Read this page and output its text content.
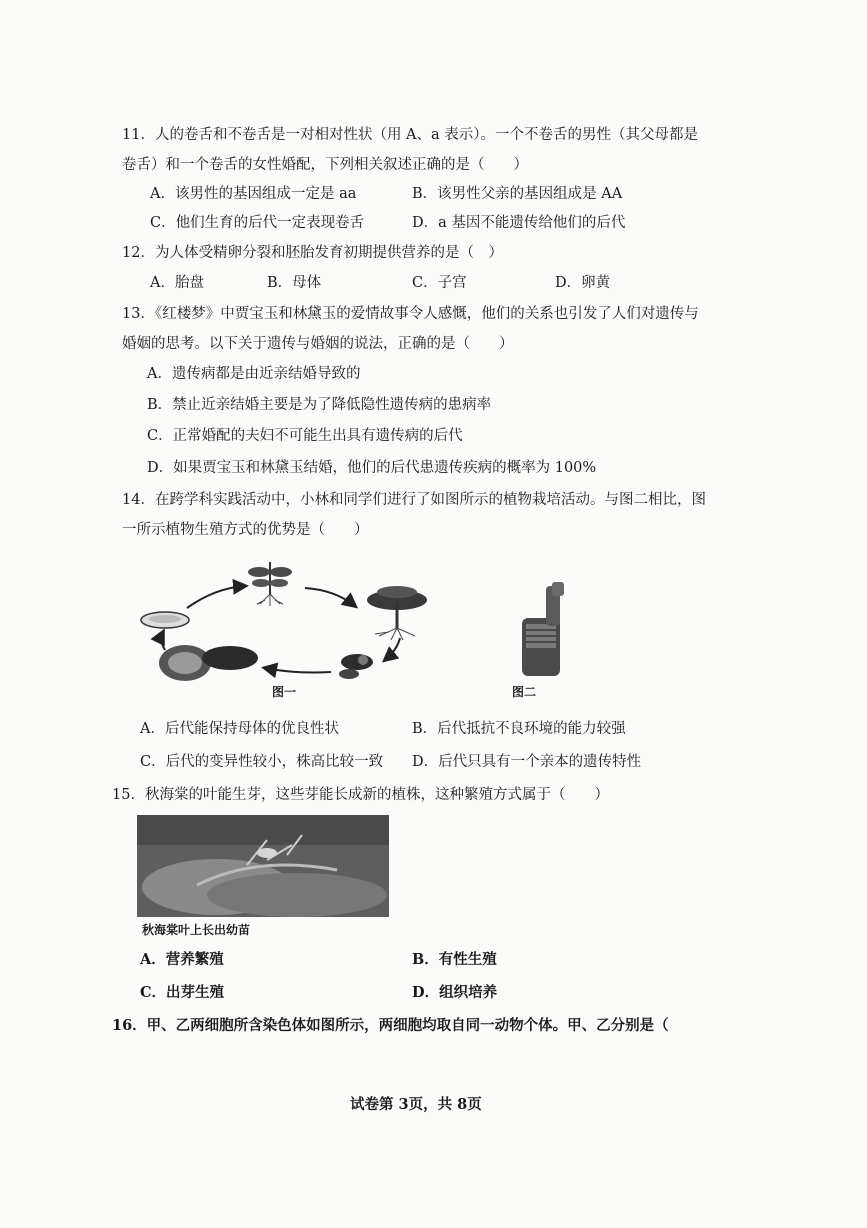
11．人的卷舌和不卷舌是一对相对性状（用 A、a 表示）。一个不卷舌的男性（其父母都是
卷舌）和一个卷舌的女性婚配，下列相关叙述正确的是（　　）
A．该男性的基因组成一定是 aa	B．该男性父亲的基因组成是 AA
C．他们生育的后代一定表现卷舌	D．a 基因不能遗传给他们的后代
12．为人体受精卵分裂和胚胎发育初期提供营养的是（　）
A．胎盘	B．母体	C．子宫	D．卵黄
13．《红楼梦》中贾宝玉和林黛玉的爱情故事令人感慨，他们的关系也引发了人们对遗传与
婚姻的思考。以下关于遗传与婚姻的说法，正确的是（　　）
A．遗传病都是由近亲结婚导致的
B．禁止近亲结婚主要是为了降低隐性遗传病的患病率
C．正常婚配的夫妇不可能生出具有遗传病的后代
D．如果贾宝玉和林黛玉结婚，他们的后代患遗传疾病的概率为 100%
14．在跨学科实践活动中，小林和同学们进行了如图所示的植物栽培活动。与图二相比，图
一所示植物生殖方式的优势是（　　）
图一	图二
A．后代能保持母体的优良性状	B．后代抵抗不良环境的能力较强
C．后代的变异性较小，株高比较一致 D．后代只具有一个亲本的遗传特性
15．秋海棠的叶能生芽，这些芽能长成新的植株，这种繁殖方式属于（　　）
秋海棠叶上长出幼苗
A．营养繁殖	B．有性生殖
C．出芽生殖	D．组织培养
16．甲、乙两细胞所含染色体如图所示，两细胞均取自同一动物个体。甲、乙分别是（
试卷第 3页，共 8页
